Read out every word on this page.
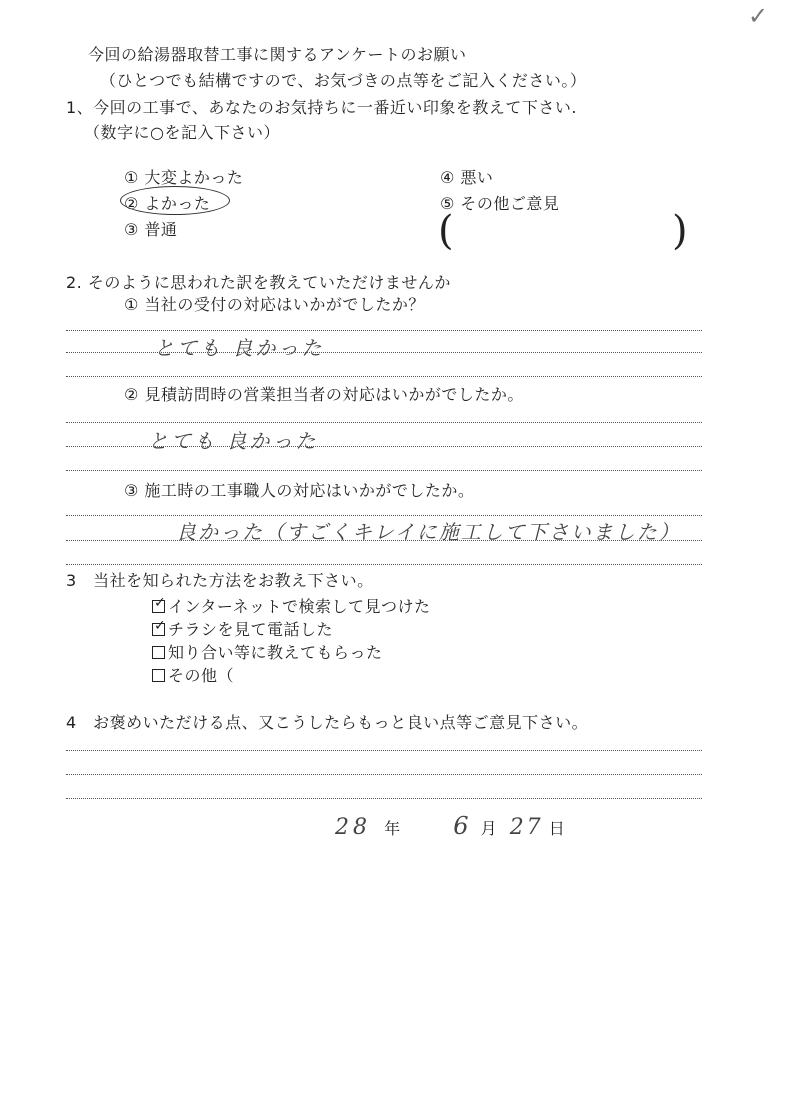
✓
今回の給湯器取替工事に関するアンケートのお願い
（ひとつでも結構ですので、お気づきの点等をご記入ください。）
1、今回の工事で、あなたのお気持ちに一番近い印象を教えて下さい.
（数字に○を記入下さい）
① 大変よかった
② よかった
③ 普通
④ 悪い
⑤ その他ご意見
(	)
2. そのように思われた訳を教えていただけませんか
① 当社の受付の対応はいかがでしたか？
とても 良かった
② 見積訪問時の営業担当者の対応はいかがでしたか。
とても 良かった
③ 施工時の工事職人の対応はいかがでしたか。
良かった（すごくキレイに施工して下さいました）
3　当社を知られた方法をお教え下さい。
✓ インターネットで検索して見つけた
✓ チラシを見て電話した
知り合い等に教えてもらった
その他（
4　お褒めいただける点、又こうしたらもっと良い点等ご意見下さい。
28 年 6 月 27 日
